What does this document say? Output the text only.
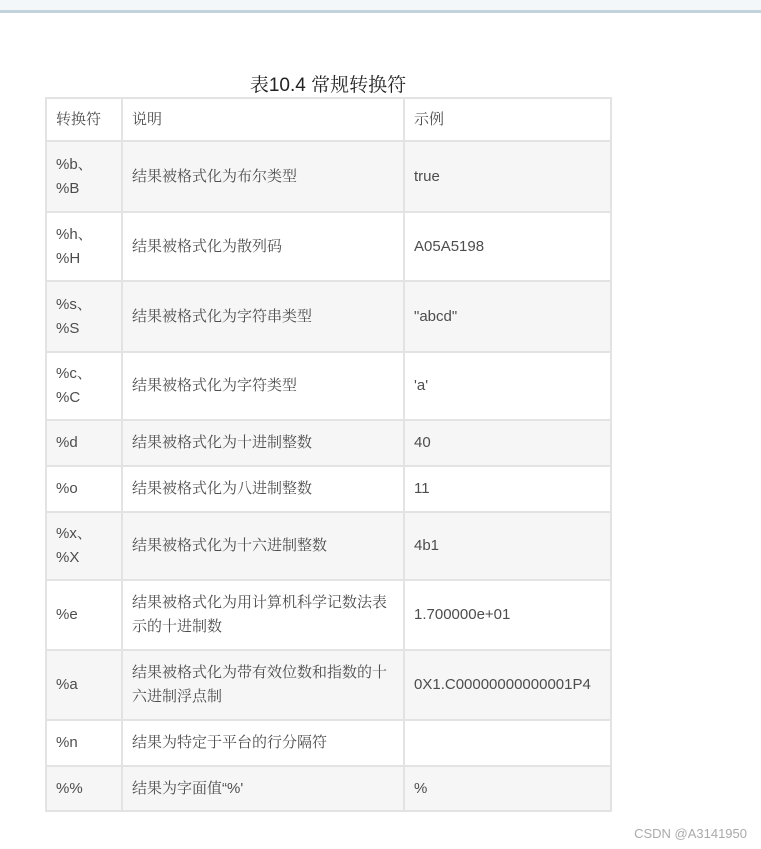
表10.4 常规转换符
转换符	说明	示例
%b、
%B	结果被格式化为布尔类型	true
%h、
%H	结果被格式化为散列码	A05A5198
%s、
%S	结果被格式化为字符串类型	"abcd"
%c、
%C	结果被格式化为字符类型	'a'
%d	结果被格式化为十进制整数	40
%o	结果被格式化为八进制整数	11
%x、
%X	结果被格式化为十六进制整数	4b1
%e	结果被格式化为用计算机科学记数法表示的十进制数	1.700000e+01
%a	结果被格式化为带有效位数和指数的十六进制浮点制	0X1.C00000000000001P4
%n	结果为特定于平台的行分隔符	
%%	结果为字面值“%'	%
CSDN @A3141950
